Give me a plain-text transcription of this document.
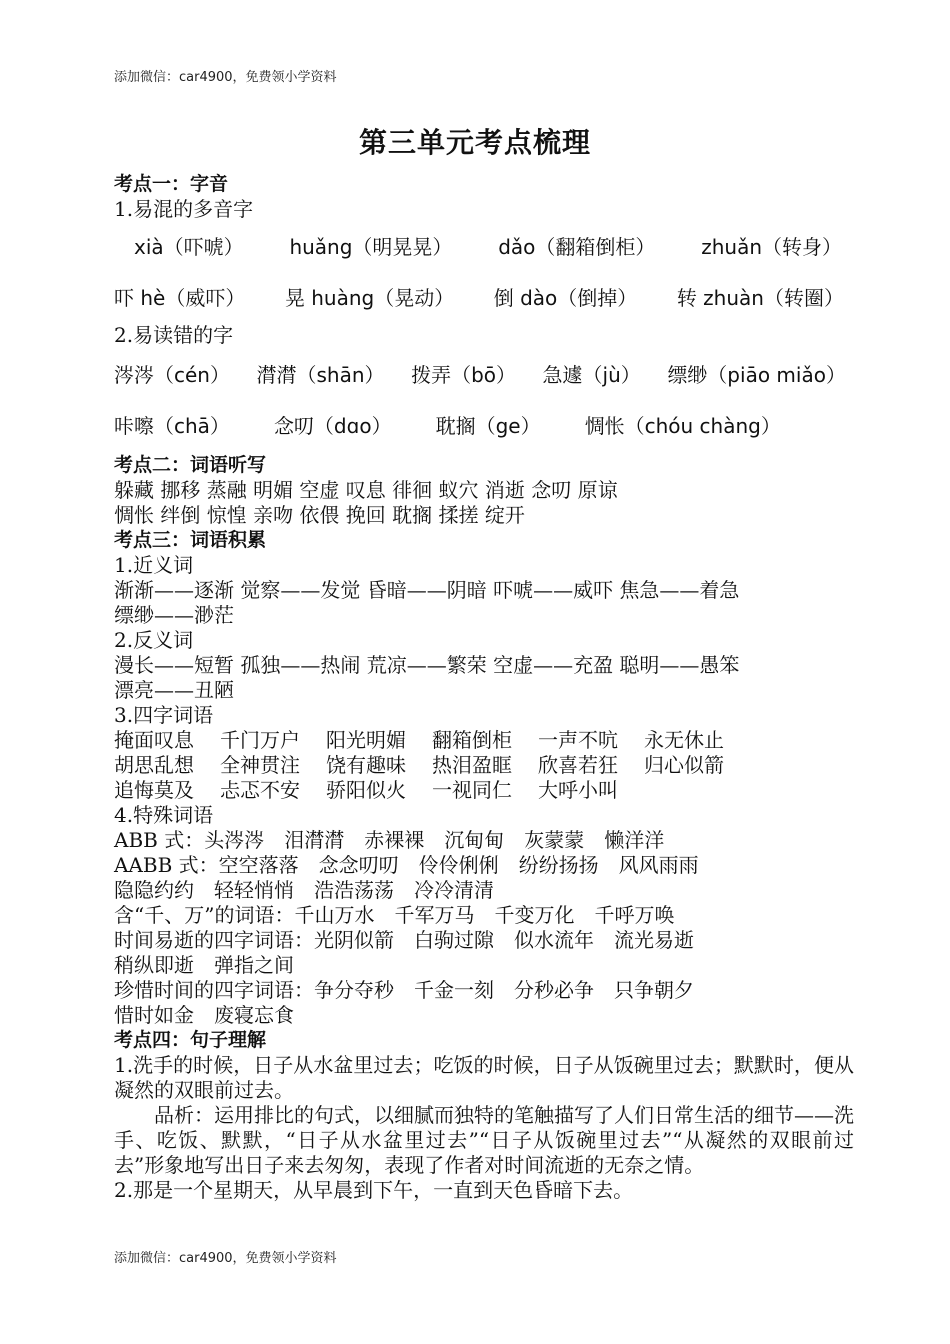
添加微信：car4900，免费领小学资料
第三单元考点梳理
考点一：字音
1.易混的多音字
xià（吓唬） huǎng（明晃晃） dǎo（翻箱倒柜） zhuǎn（转身）
吓 hè（威吓） 晃 huàng（晃动） 倒 dào（倒掉） 转 zhuàn（转圈）
2.易读错的字
涔涔（cén） 潸潸（shān） 拨弄（bō） 急遽（jù） 缥缈（piāo miǎo）
咔嚓（chā） 念叨（dɑo） 耽搁（ge） 惆怅（chóu chàng）
考点二：词语听写
躲藏 挪移 蒸融 明媚 空虚 叹息 徘徊 蚁穴 消逝 念叨 原谅
惆怅 绊倒 惊惶 亲吻 依偎 挽回 耽搁 揉搓 绽开
考点三：词语积累
1.近义词
渐渐——逐渐 觉察——发觉 昏暗——阴暗 吓唬——威吓 焦急——着急
缥缈——渺茫
2.反义词
漫长——短暂 孤独——热闹 荒凉——繁荣 空虚——充盈 聪明——愚笨
漂亮——丑陋
3.四字词语
掩面叹息 千门万户 阳光明媚 翻箱倒柜 一声不吭 永无休止
胡思乱想 全神贯注 饶有趣味 热泪盈眶 欣喜若狂 归心似箭
追悔莫及 忐忑不安 骄阳似火 一视同仁 大呼小叫
4.特殊词语
ABB 式：头涔涔　泪潸潸　赤裸裸　沉甸甸　灰蒙蒙　懒洋洋
AABB 式：空空落落　念念叨叨　伶伶俐俐　纷纷扬扬　风风雨雨
隐隐约约　轻轻悄悄　浩浩荡荡　冷冷清清
含“千、万”的词语：千山万水　千军万马　千变万化　千呼万唤
时间易逝的四字词语：光阴似箭　白驹过隙　似水流年　流光易逝
稍纵即逝　弹指之间
珍惜时间的四字词语：争分夺秒　千金一刻　分秒必争　只争朝夕
惜时如金　废寝忘食
考点四：句子理解
1.洗手的时候，日子从水盆里过去；吃饭的时候，日子从饭碗里过去；默默时，便从凝然的双眼前过去。
品析：运用排比的句式，以细腻而独特的笔触描写了人们日常生活的细节——洗手、吃饭、默默，“日子从水盆里过去”“日子从饭碗里过去”“从凝然的双眼前过去”形象地写出日子来去匆匆，表现了作者对时间流逝的无奈之情。
2.那是一个星期天，从早晨到下午，一直到天色昏暗下去。
添加微信：car4900，免费领小学资料
